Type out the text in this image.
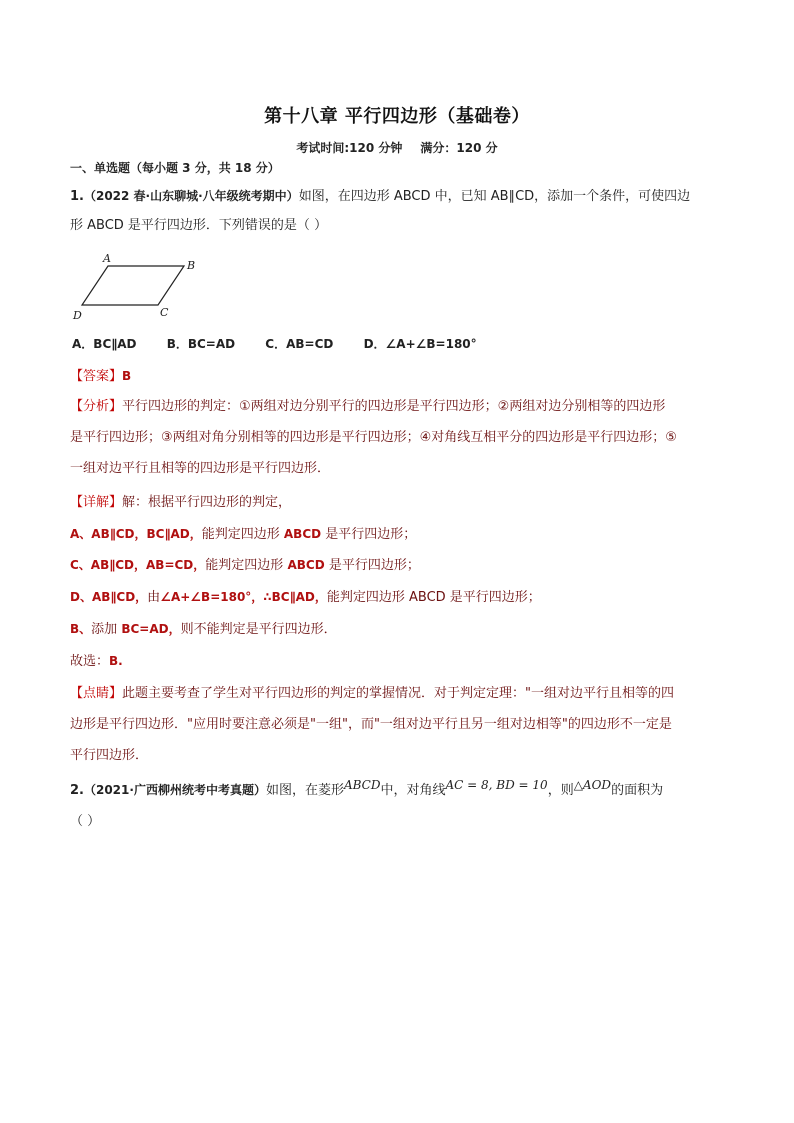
第十八章 平行四边形（基础卷）
考试时间:120 分钟 满分：120 分
一、单选题（每小题 3 分，共 18 分）
1.（2022 春·山东聊城·八年级统考期中）如图，在四边形 ABCD 中，已知 AB∥CD，添加一个条件，可使四边
形 ABCD 是平行四边形．下列错误的是（ ）
A
B
C
D
A．BC∥AD	B．BC=AD	C．AB=CD	D．∠A+∠B=180°
【答案】B
【分析】平行四边形的判定：①两组对边分别平行的四边形是平行四边形；②两组对边分别相等的四边形
是平行四边形；③两组对角分别相等的四边形是平行四边形；④对角线互相平分的四边形是平行四边形；⑤
一组对边平行且相等的四边形是平行四边形．
【详解】解：根据平行四边形的判定，
A、AB∥CD，BC∥AD，能判定四边形 ABCD 是平行四边形；
C、AB∥CD，AB=CD，能判定四边形 ABCD 是平行四边形；
D、AB∥CD，由∠A+∠B=180°，∴BC∥AD，能判定四边形 ABCD 是平行四边形；
B、添加 BC=AD，则不能判定是平行四边形．
故选：B.
【点睛】此题主要考查了学生对平行四边形的判定的掌握情况．对于判定定理："一组对边平行且相等的四
边形是平行四边形．"应用时要注意必须是"一组"，而"一组对边平行且另一组对边相等"的四边形不一定是
平行四边形．
2.（2021·广西柳州统考中考真题）如图，在菱形ABCD中，对角线AC = 8, BD = 10，则△AOD的面积为
（ ）
